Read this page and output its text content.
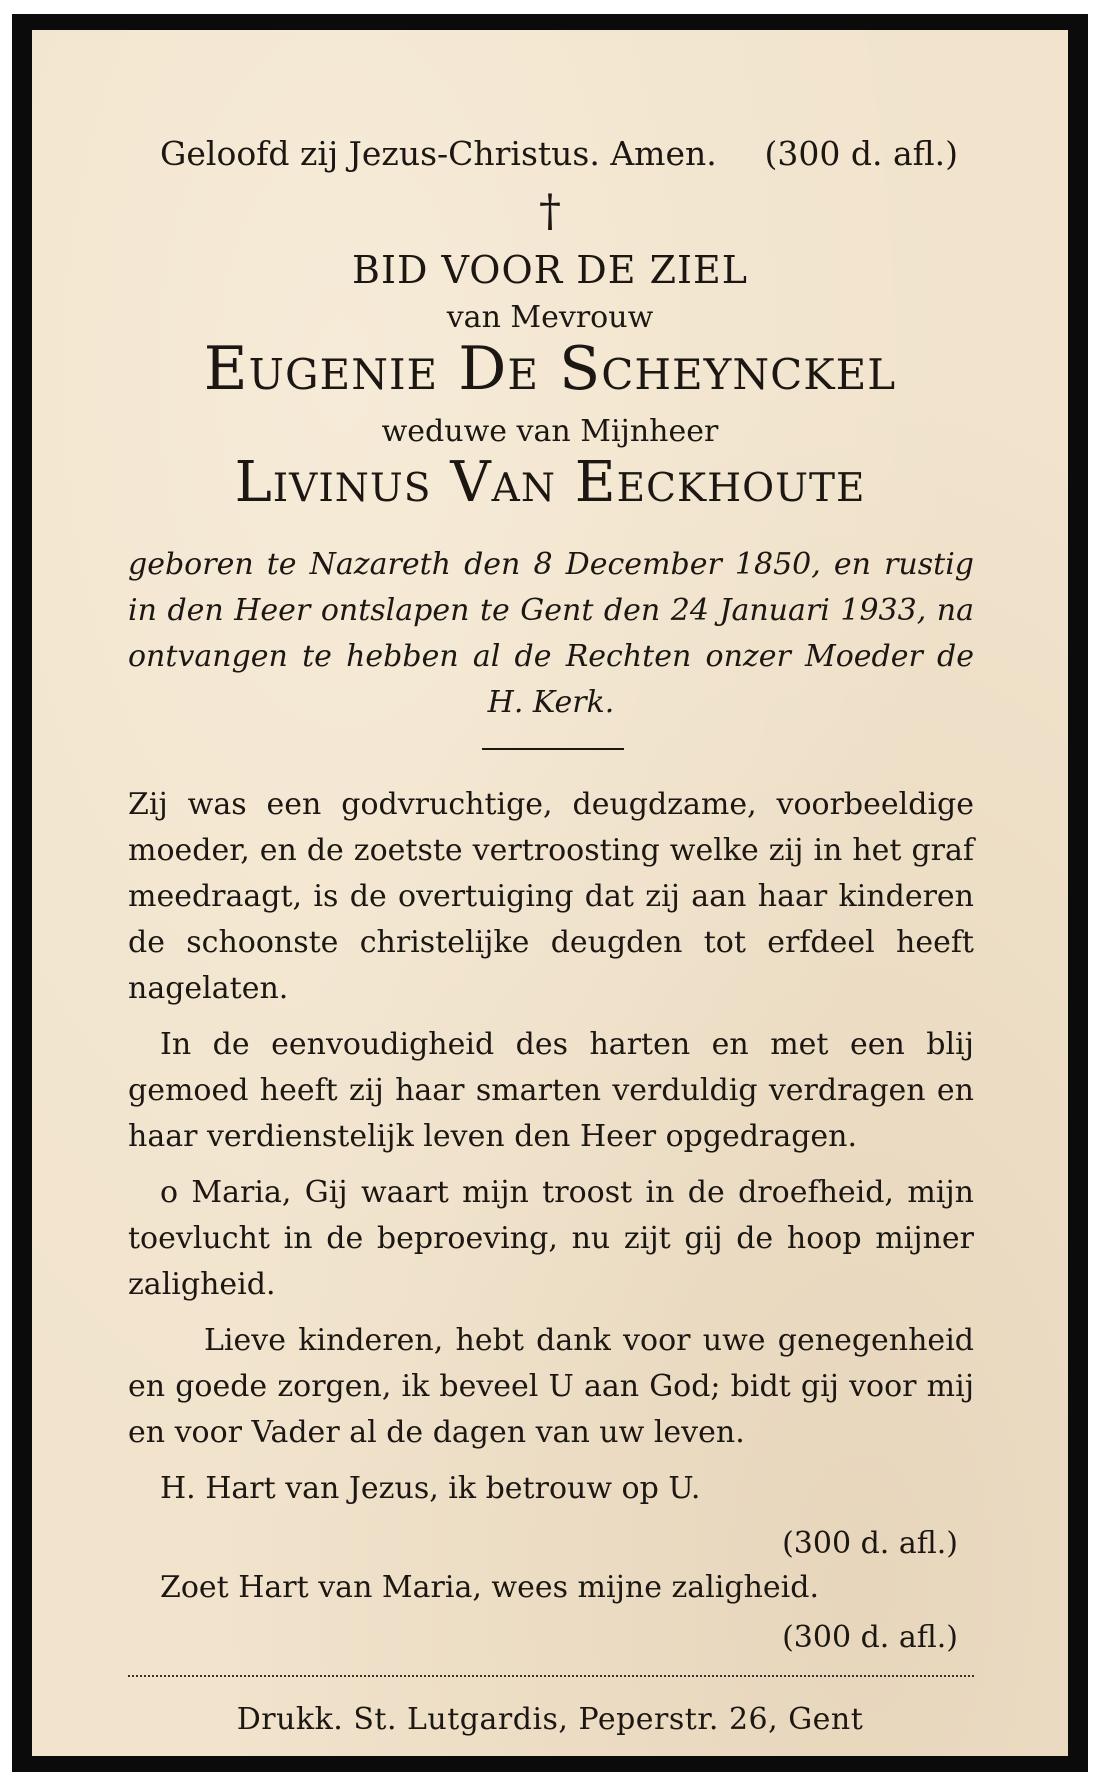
Geloofd zij Jezus-Christus. Amen. (300 d. afl.)
†
BID VOOR DE ZIEL
van Mevrouw
Eugenie De Scheynckel
weduwe van Mijnheer
Livinus Van Eeckhoute
geboren te Nazareth den 8 December 1850, en rustig in den Heer ontslapen te Gent den 24 Januari 1933, na ontvangen te hebben al de Rechten onzer Moeder de H. Kerk.

Zij was een godvruchtige, deugdzame, voorbeeldige moeder, en de zoetste vertroosting welke zij in het graf meedraagt, is de overtuiging dat zij aan haar kinderen de schoonste christelijke deugden tot erfdeel heeft nagelaten.

In de eenvoudigheid des harten en met een blij gemoed heeft zij haar smarten verduldig verdragen en haar verdienstelijk leven den Heer opgedragen.

o Maria, Gij waart mijn troost in de droefheid, mijn toevlucht in de beproeving, nu zijt gij de hoop mijner zaligheid.

Lieve kinderen, hebt dank voor uwe genegenheid en goede zorgen, ik beveel U aan God; bidt gij voor mij en voor Vader al de dagen van uw leven.

H. Hart van Jezus, ik betrouw op U.

(300 d. afl.)
Zoet Hart van Maria, wees mijne zaligheid.
(300 d. afl.)
Drukk. St. Lutgardis, Peperstr. 26, Gent
